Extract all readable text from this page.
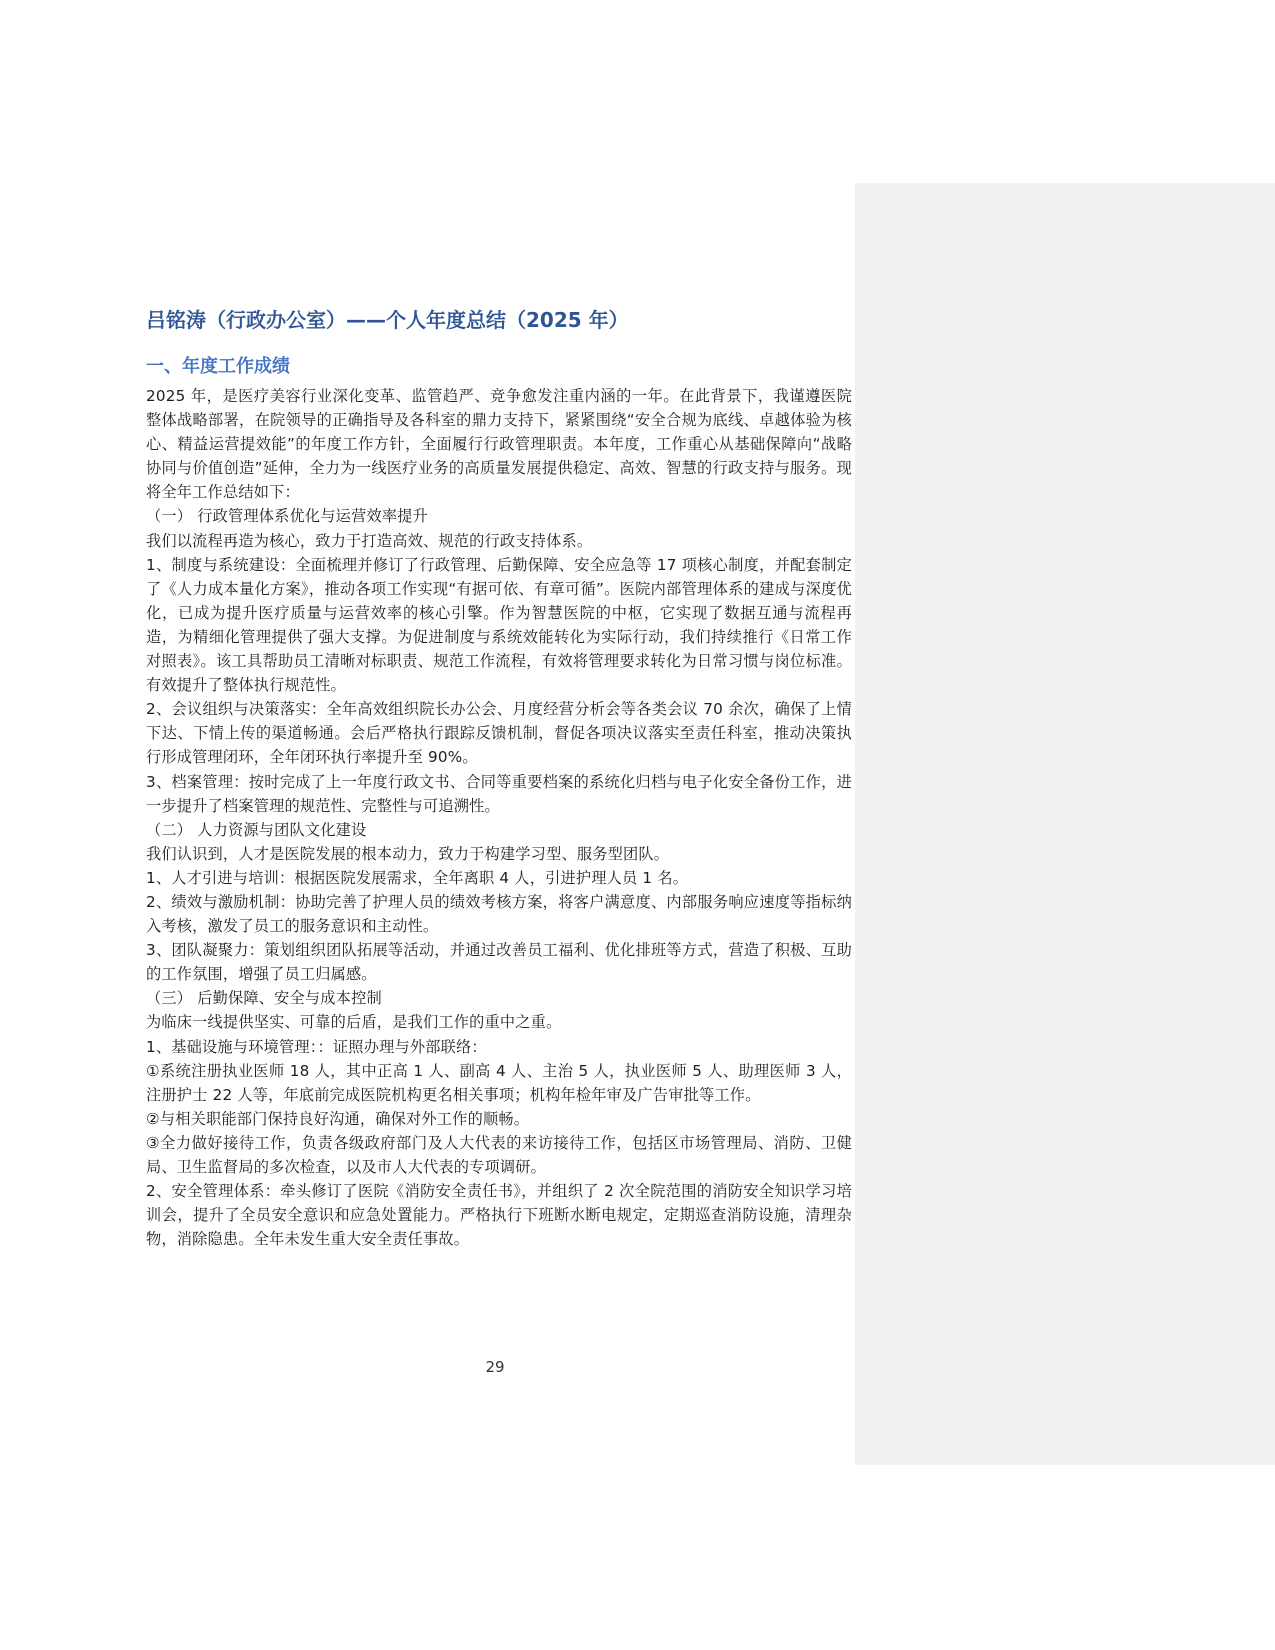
吕铭涛（行政办公室）——个人年度总结（2025 年）
一、年度工作成绩

2025 年，是医疗美容行业深化变革、监管趋严、竞争愈发注重内涵的一年。在此背景下，我谨遵医院整体战略部署，在院领导的正确指导及各科室的鼎力支持下，紧紧围绕“安全合规为底线、卓越体验为核心、精益运营提效能”的年度工作方针，全面履行行政管理职责。本年度，工作重心从基础保障向“战略协同与价值创造”延伸，全力为一线医疗业务的高质量发展提供稳定、高效、智慧的行政支持与服务。现将全年工作总结如下：

（一） 行政管理体系优化与运营效率提升

我们以流程再造为核心，致力于打造高效、规范的行政支持体系。

1、制度与系统建设：全面梳理并修订了行政管理、后勤保障、安全应急等 17 项核心制度，并配套制定了《人力成本量化方案》，推动各项工作实现“有据可依、有章可循”。医院内部管理体系的建成与深度优化，已成为提升医疗质量与运营效率的核心引擎。作为智慧医院的中枢，它实现了数据互通与流程再造，为精细化管理提供了强大支撑。为促进制度与系统效能转化为实际行动，我们持续推行《日常工作对照表》。该工具帮助员工清晰对标职责、规范工作流程，有效将管理要求转化为日常习惯与岗位标准。有效提升了整体执行规范性。

2、会议组织与决策落实：全年高效组织院长办公会、月度经营分析会等各类会议 70 余次，确保了上情下达、下情上传的渠道畅通。会后严格执行跟踪反馈机制，督促各项决议落实至责任科室，推动决策执行形成管理闭环，全年闭环执行率提升至 90%。

3、档案管理：按时完成了上一年度行政文书、合同等重要档案的系统化归档与电子化安全备份工作，进一步提升了档案管理的规范性、完整性与可追溯性。

（二） 人力资源与团队文化建设

我们认识到，人才是医院发展的根本动力，致力于构建学习型、服务型团队。

1、人才引进与培训：根据医院发展需求，全年离职 4 人，引进护理人员 1 名。

2、绩效与激励机制：协助完善了护理人员的绩效考核方案，将客户满意度、内部服务响应速度等指标纳入考核，激发了员工的服务意识和主动性。

3、团队凝聚力：策划组织团队拓展等活动，并通过改善员工福利、优化排班等方式，营造了积极、互助的工作氛围，增强了员工归属感。

（三） 后勤保障、安全与成本控制

为临床一线提供坚实、可靠的后盾，是我们工作的重中之重。

1、基础设施与环境管理：：证照办理与外部联络：

①系统注册执业医师 18 人，其中正高 1 人、副高 4 人、主治 5 人，执业医师 5 人、助理医师 3 人，注册护士 22 人等，年底前完成医院机构更名相关事项；机构年检年审及广告审批等工作。

②与相关职能部门保持良好沟通，确保对外工作的顺畅。

③全力做好接待工作，负责各级政府部门及人大代表的来访接待工作，包括区市场管理局、消防、卫健局、卫生监督局的多次检查，以及市人大代表的专项调研。

2、安全管理体系：牵头修订了医院《消防安全责任书》，并组织了 2 次全院范围的消防安全知识学习培训会，提升了全员安全意识和应急处置能力。严格执行下班断水断电规定，定期巡查消防设施，清理杂物，消除隐患。全年未发生重大安全责任事故。

29
